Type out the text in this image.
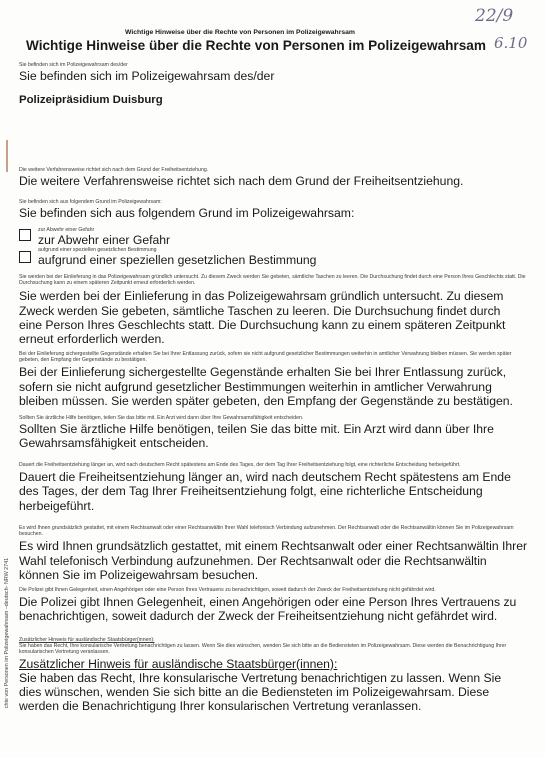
Wichtige Hinweise über die Rechte von Personen im Polizeigewahrsam
Wichtige Hinweise über die Rechte von Personen im Polizeigewahrsam
22/9
6.10
Sie befinden sich im Polizeigewahrsam des/der
Sie befinden sich im Polizeigewahrsam des/der
Polizeipräsidium Duisburg
Die weitere Verfahrensweise richtet sich nach dem Grund der Freiheitsentziehung.
Die weitere Verfahrensweise richtet sich nach dem Grund der Freiheitsentziehung.
Sie befinden sich aus folgendem Grund im Polizeigewahrsam:
Sie befinden sich aus folgendem Grund im Polizeigewahrsam:
zur Abwehr einer Gefahr
zur Abwehr einer Gefahr
aufgrund einer speziellen gesetzlichen Bestimmung
aufgrund einer speziellen gesetzlichen Bestimmung
Sie werden bei der Einlieferung in das Polizeigewahrsam gründlich untersucht. Zu diesem Zweck werden Sie gebeten, sämtliche Taschen zu leeren. Die Durchsuchung findet durch eine Person Ihres Geschlechts statt. Die Durchsuchung kann zu einem späteren Zeitpunkt erneut erforderlich werden.
Sie werden bei der Einlieferung in das Polizeigewahrsam gründlich untersucht. Zu diesem
Zweck werden Sie gebeten, sämtliche Taschen zu leeren. Die Durchsuchung findet durch
eine Person Ihres Geschlechts statt. Die Durchsuchung kann zu einem späteren Zeitpunkt
erneut erforderlich werden.
Bei der Einlieferung sichergestellte Gegenstände erhalten Sie bei Ihrer Entlassung zurück, sofern sie nicht aufgrund gesetzlicher Bestimmungen weiterhin in amtlicher Verwahrung bleiben müssen. Sie werden später gebeten, den Empfang der Gegenstände zu bestätigen.
Bei der Einlieferung sichergestellte Gegenstände erhalten Sie bei Ihrer Entlassung zurück,
sofern sie nicht aufgrund gesetzlicher Bestimmungen weiterhin in amtlicher Verwahrung
bleiben müssen. Sie werden später gebeten, den Empfang der Gegenstände zu bestätigen.
Sollten Sie ärztliche Hilfe benötigen, teilen Sie das bitte mit. Ein Arzt wird dann über Ihre Gewahrsamsfähigkeit entscheiden.
Sollten Sie ärztliche Hilfe benötigen, teilen Sie das bitte mit. Ein Arzt wird dann über Ihre
Gewahrsamsfähigkeit entscheiden.
Dauert die Freiheitsentziehung länger an, wird nach deutschem Recht spätestens am Ende des Tages, der dem Tag Ihrer Freiheitsentziehung folgt, eine richterliche Entscheidung herbeigeführt.
Dauert die Freiheitsentziehung länger an, wird nach deutschem Recht spätestens am Ende
des Tages, der dem Tag Ihrer Freiheitsentziehung folgt, eine richterliche Entscheidung
herbeigeführt.
Es wird Ihnen grundsätzlich gestattet, mit einem Rechtsanwalt oder einer Rechtsanwältin Ihrer Wahl telefonisch Verbindung aufzunehmen. Der Rechtsanwalt oder die Rechtsanwältin können Sie im Polizeigewahrsam besuchen.
Es wird Ihnen grundsätzlich gestattet, mit einem Rechtsanwalt oder einer Rechtsanwältin Ihrer
Wahl telefonisch Verbindung aufzunehmen. Der Rechtsanwalt oder die Rechtsanwältin
können Sie im Polizeigewahrsam besuchen.
Die Polizei gibt Ihnen Gelegenheit, einen Angehörigen oder eine Person Ihres Vertrauens zu benachrichtigen, soweit dadurch der Zweck der Freiheitsentziehung nicht gefährdet wird.
Die Polizei gibt Ihnen Gelegenheit, einen Angehörigen oder eine Person Ihres Vertrauens zu
benachrichtigen, soweit dadurch der Zweck der Freiheitsentziehung nicht gefährdet wird.
Zusätzlicher Hinweis für ausländische Staatsbürger(innen):
Sie haben das Recht, Ihre konsularische Vertretung benachrichtigen zu lassen. Wenn Sie dies wünschen, wenden Sie sich bitte an die Bediensteten im Polizeigewahrsam. Diese werden die Benachrichtigung Ihrer konsularischen Vertretung veranlassen.
Zusätzlicher Hinweis für ausländische Staatsbürger(innen):
Sie haben das Recht, Ihre konsularische Vertretung benachrichtigen zu lassen. Wenn Sie
dies wünschen, wenden Sie sich bitte an die Bediensteten im Polizeigewahrsam. Diese
werden die Benachrichtigung Ihrer konsularischen Vertretung veranlassen.
chte von Personen im Polizeigewahrsam –deutsch- NRW 2741
